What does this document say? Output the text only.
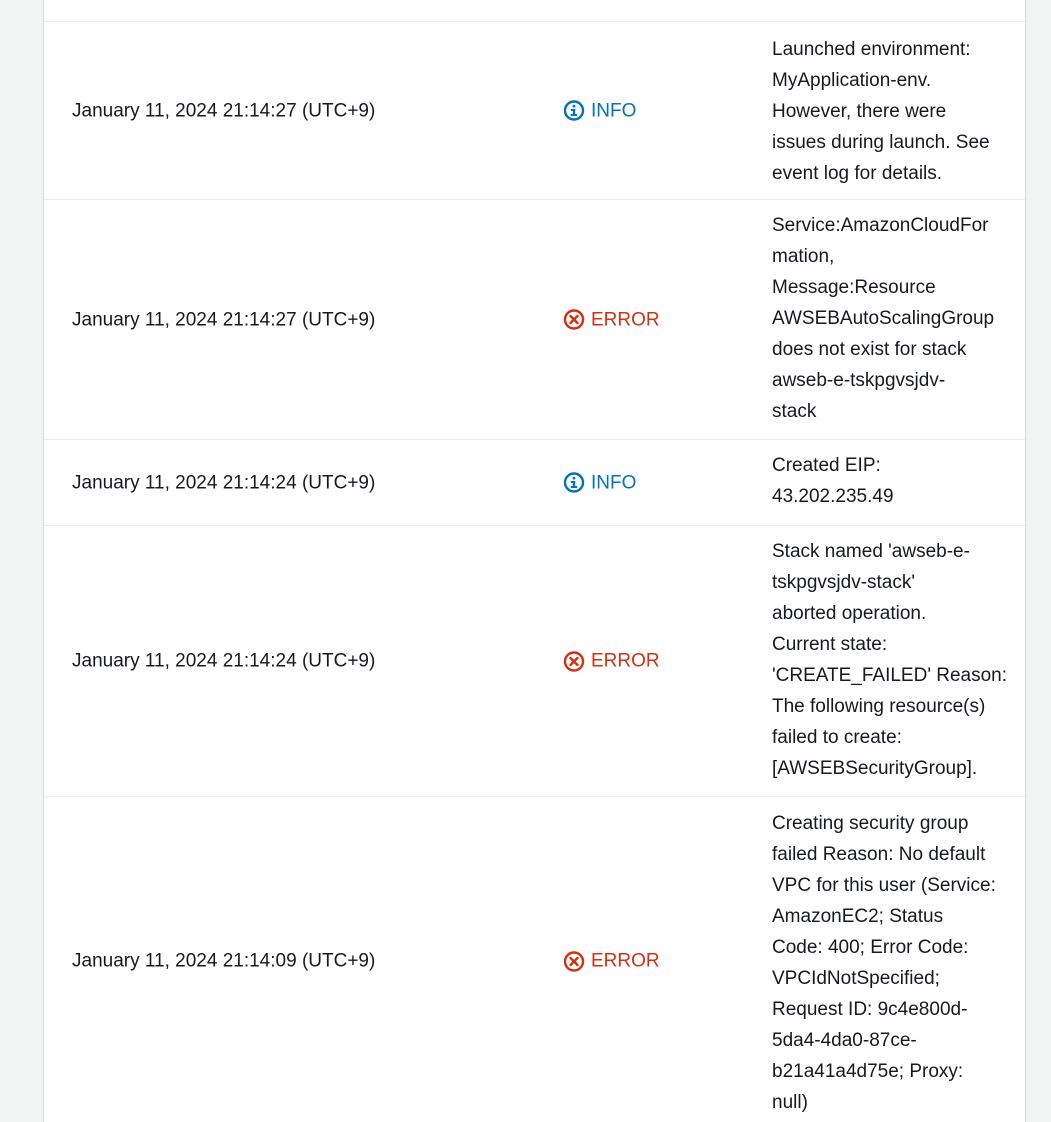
January 11, 2024 21:14:27 (UTC+9)	INFO
Launched environment:
MyApplication-env.
However, there were
issues during launch. See
event log for details.
January 11, 2024 21:14:27 (UTC+9)	ERROR
Service:AmazonCloudFor
mation,
Message:Resource
AWSEBAutoScalingGroup
does not exist for stack
awseb-e-tskpgvsjdv-
stack
January 11, 2024 21:14:24 (UTC+9)	INFO
Created EIP:
43.202.235.49
January 11, 2024 21:14:24 (UTC+9)	ERROR
Stack named 'awseb-e-
tskpgvsjdv-stack'
aborted operation.
Current state:
'CREATE_FAILED' Reason:
The following resource(s)
failed to create:
[AWSEBSecurityGroup].
January 11, 2024 21:14:09 (UTC+9)	ERROR
Creating security group
failed Reason: No default
VPC for this user (Service:
AmazonEC2; Status
Code: 400; Error Code:
VPCIdNotSpecified;
Request ID: 9c4e800d-
5da4-4da0-87ce-
b21a41a4d75e; Proxy:
null)
